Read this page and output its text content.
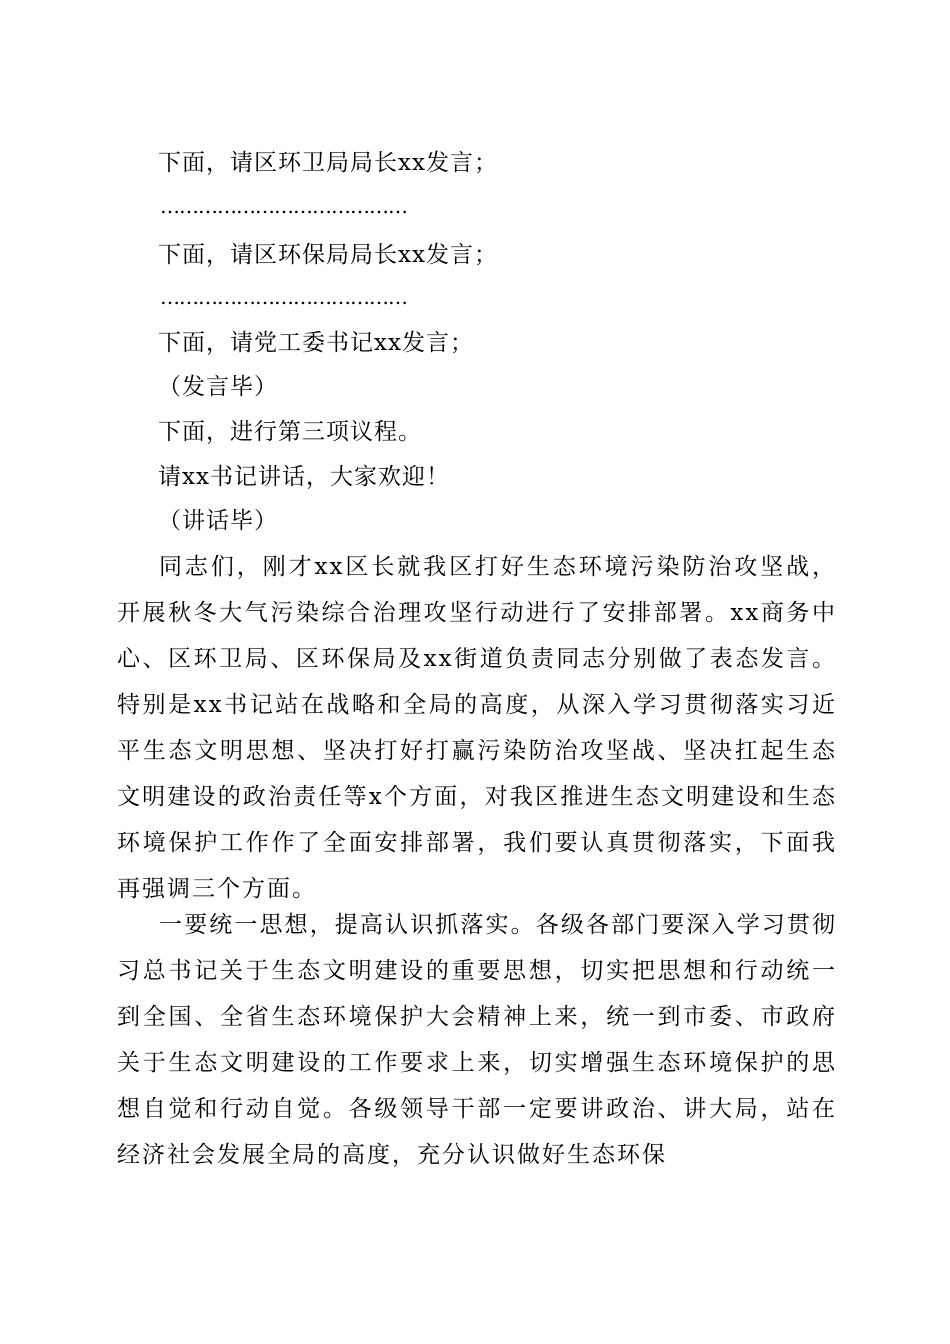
下面，请区环卫局局长xx发言；
…………………………………
下面，请区环保局局长xx发言；
…………………………………
下面，请党工委书记xx发言；
（发言毕）
下面，进行第三项议程。
请xx书记讲话，大家欢迎！
（讲话毕）

同志们，刚才xx区长就我区打好生态环境污染防治攻坚战，开展秋冬大气污染综合治理攻坚行动进行了安排部署。xx商务中心、区环卫局、区环保局及xx街道负责同志分别做了表态发言。特别是xx书记站在战略和全局的高度，从深入学习贯彻落实习近平生态文明思想、坚决打好打赢污染防治攻坚战、坚决扛起生态文明建设的政治责任等x个方面，对我区推进生态文明建设和生态环境保护工作作了全面安排部署，我们要认真贯彻落实，下面我再强调三个方面。

一要统一思想，提高认识抓落实。各级各部门要深入学习贯彻习总书记关于生态文明建设的重要思想，切实把思想和行动统一到全国、全省生态环境保护大会精神上来，统一到市委、市政府关于生态文明建设的工作要求上来，切实增强生态环境保护的思想自觉和行动自觉。各级领导干部一定要讲政治、讲大局，站在经济社会发展全局的高度，充分认识做好生态环保
